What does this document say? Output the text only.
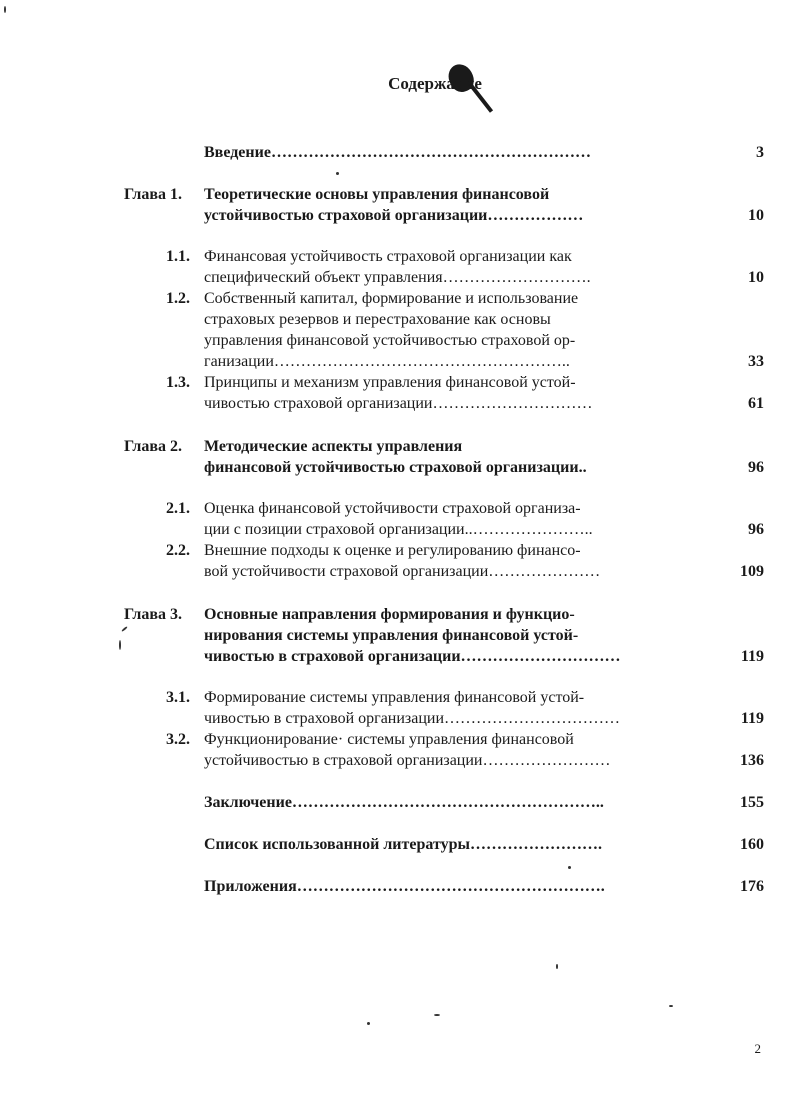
Содержание
Введение……………………………………………………	3
Глава 1. Теоретические основы управления финансовой
устойчивостью страховой организации………………	10
1.1. Финансовая устойчивость страховой организации как
специфический объект управления……………………….	10
1.2. Собственный капитал, формирование и использование
страховых резервов и перестрахование как основы
управления финансовой устойчивостью страховой ор-
ганизации………………………………………………..	33
1.3. Принципы и механизм управления финансовой устой-
чивостью страховой организации…………………………	61
Глава 2. Методические аспекты управления
финансовой устойчивостью страховой организации..	96
2.1. Оценка финансовой устойчивости страховой организа-
ции с позиции страховой организации..…………………..	96
2.2. Внешние подходы к оценке и регулированию финансо-
вой устойчивости страховой организации…………………	109
Глава 3. Основные направления формирования и функцио-
нирования системы управления финансовой устой-
чивостью в страховой организации…………………………	119
3.1. Формирование системы управления финансовой устой-
чивостью в страховой организации……………………………	119
3.2. Функционирование· системы управления финансовой
устойчивостью в страховой организации……………………	136
Заключение…………………………………………………..	155
Список использованной литературы…………………….	160
Приложения………………………………………………….	176
2
